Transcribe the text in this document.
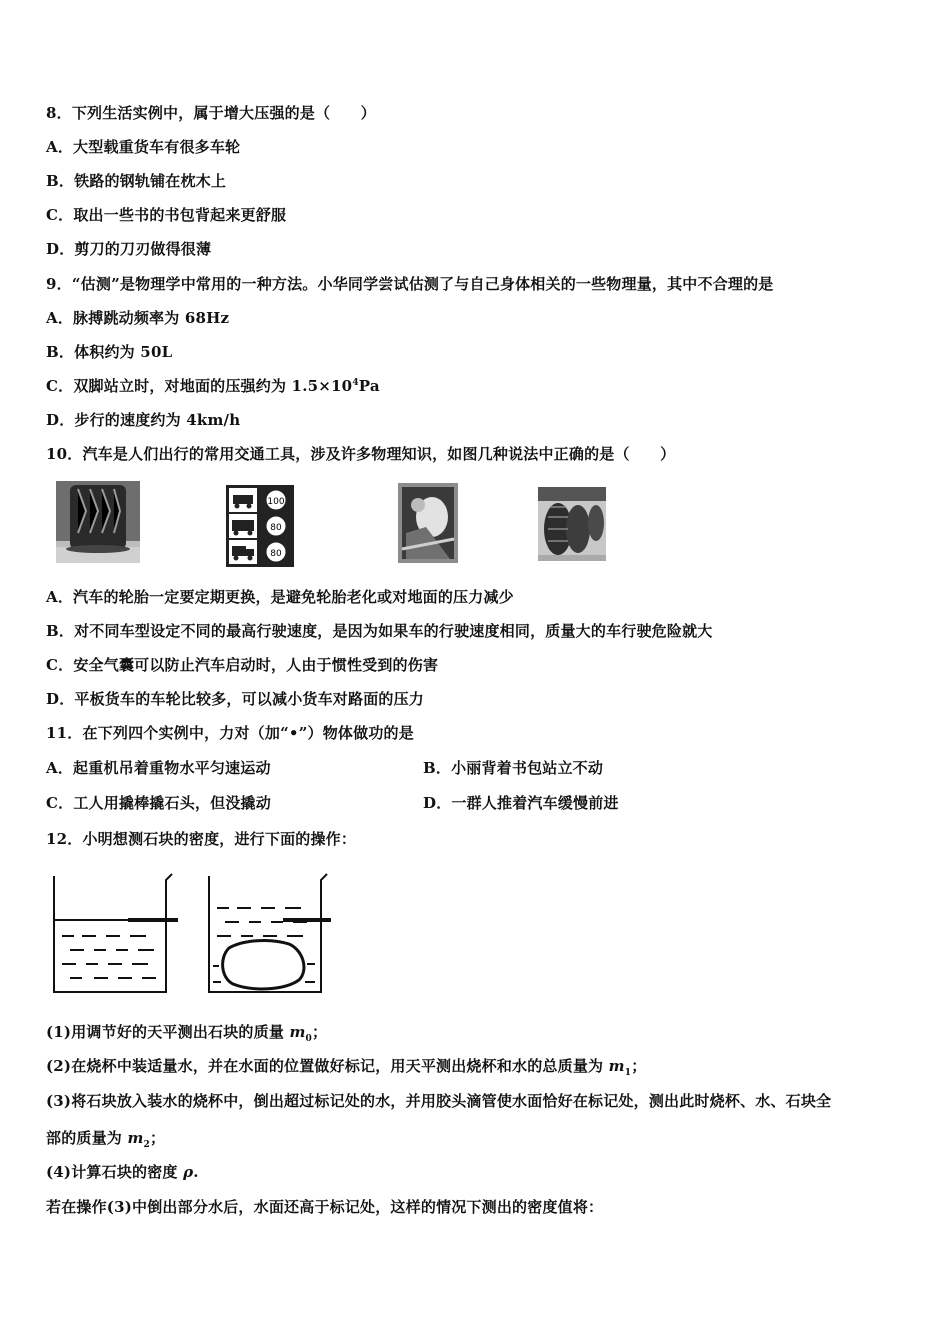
8．下列生活实例中，属于增大压强的是（　　）
A．大型载重货车有很多车轮
B．铁路的钢轨铺在枕木上
C．取出一些书的书包背起来更舒服
D．剪刀的刀刃做得很薄
9．“估测”是物理学中常用的一种方法。小华同学尝试估测了与自己身体相关的一些物理量，其中不合理的是
A．脉搏跳动频率为 68Hz
B．体积约为 50L
C．双脚站立时，对地面的压强约为 $1.5\times 10^4Pa$
D．步行的速度约为 4km/h
10．汽车是人们出行的常用交通工具，涉及许多物理知识，如图几种说法中正确的是（　　）
100
80
80
A．汽车的轮胎一定要定期更换，是避免轮胎老化或对地面的压力减少
B．对不同车型设定不同的最高行驶速度，是因为如果车的行驶速度相同，质量大的车行驶危险就大
C．安全气囊可以防止汽车启动时，人由于惯性受到的伤害
D．平板货车的车轮比较多，可以减小货车对路面的压力
11．在下列四个实例中，力对（加“•”）物体做功的是
A．起重机吊着重物水平匀速运动	B．小丽背着书包站立不动
C．工人用撬棒撬石头，但没撬动	D．一群人推着汽车缓慢前进
12．小明想测石块的密度，进行下面的操作：
(1)用调节好的天平测出石块的质量 $m_0$；
(2)在烧杯中装适量水，并在水面的位置做好标记，用天平测出烧杯和水的总质量为 $m_1$；
(3)将石块放入装水的烧杯中，倒出超过标记处的水，并用胶头滴管使水面恰好在标记处，测出此时烧杯、水、石块全
部的质量为 $m_2$；
(4)计算石块的密度 ρ.
若在操作(3)中倒出部分水后，水面还高于标记处，这样的情况下测出的密度值将：
